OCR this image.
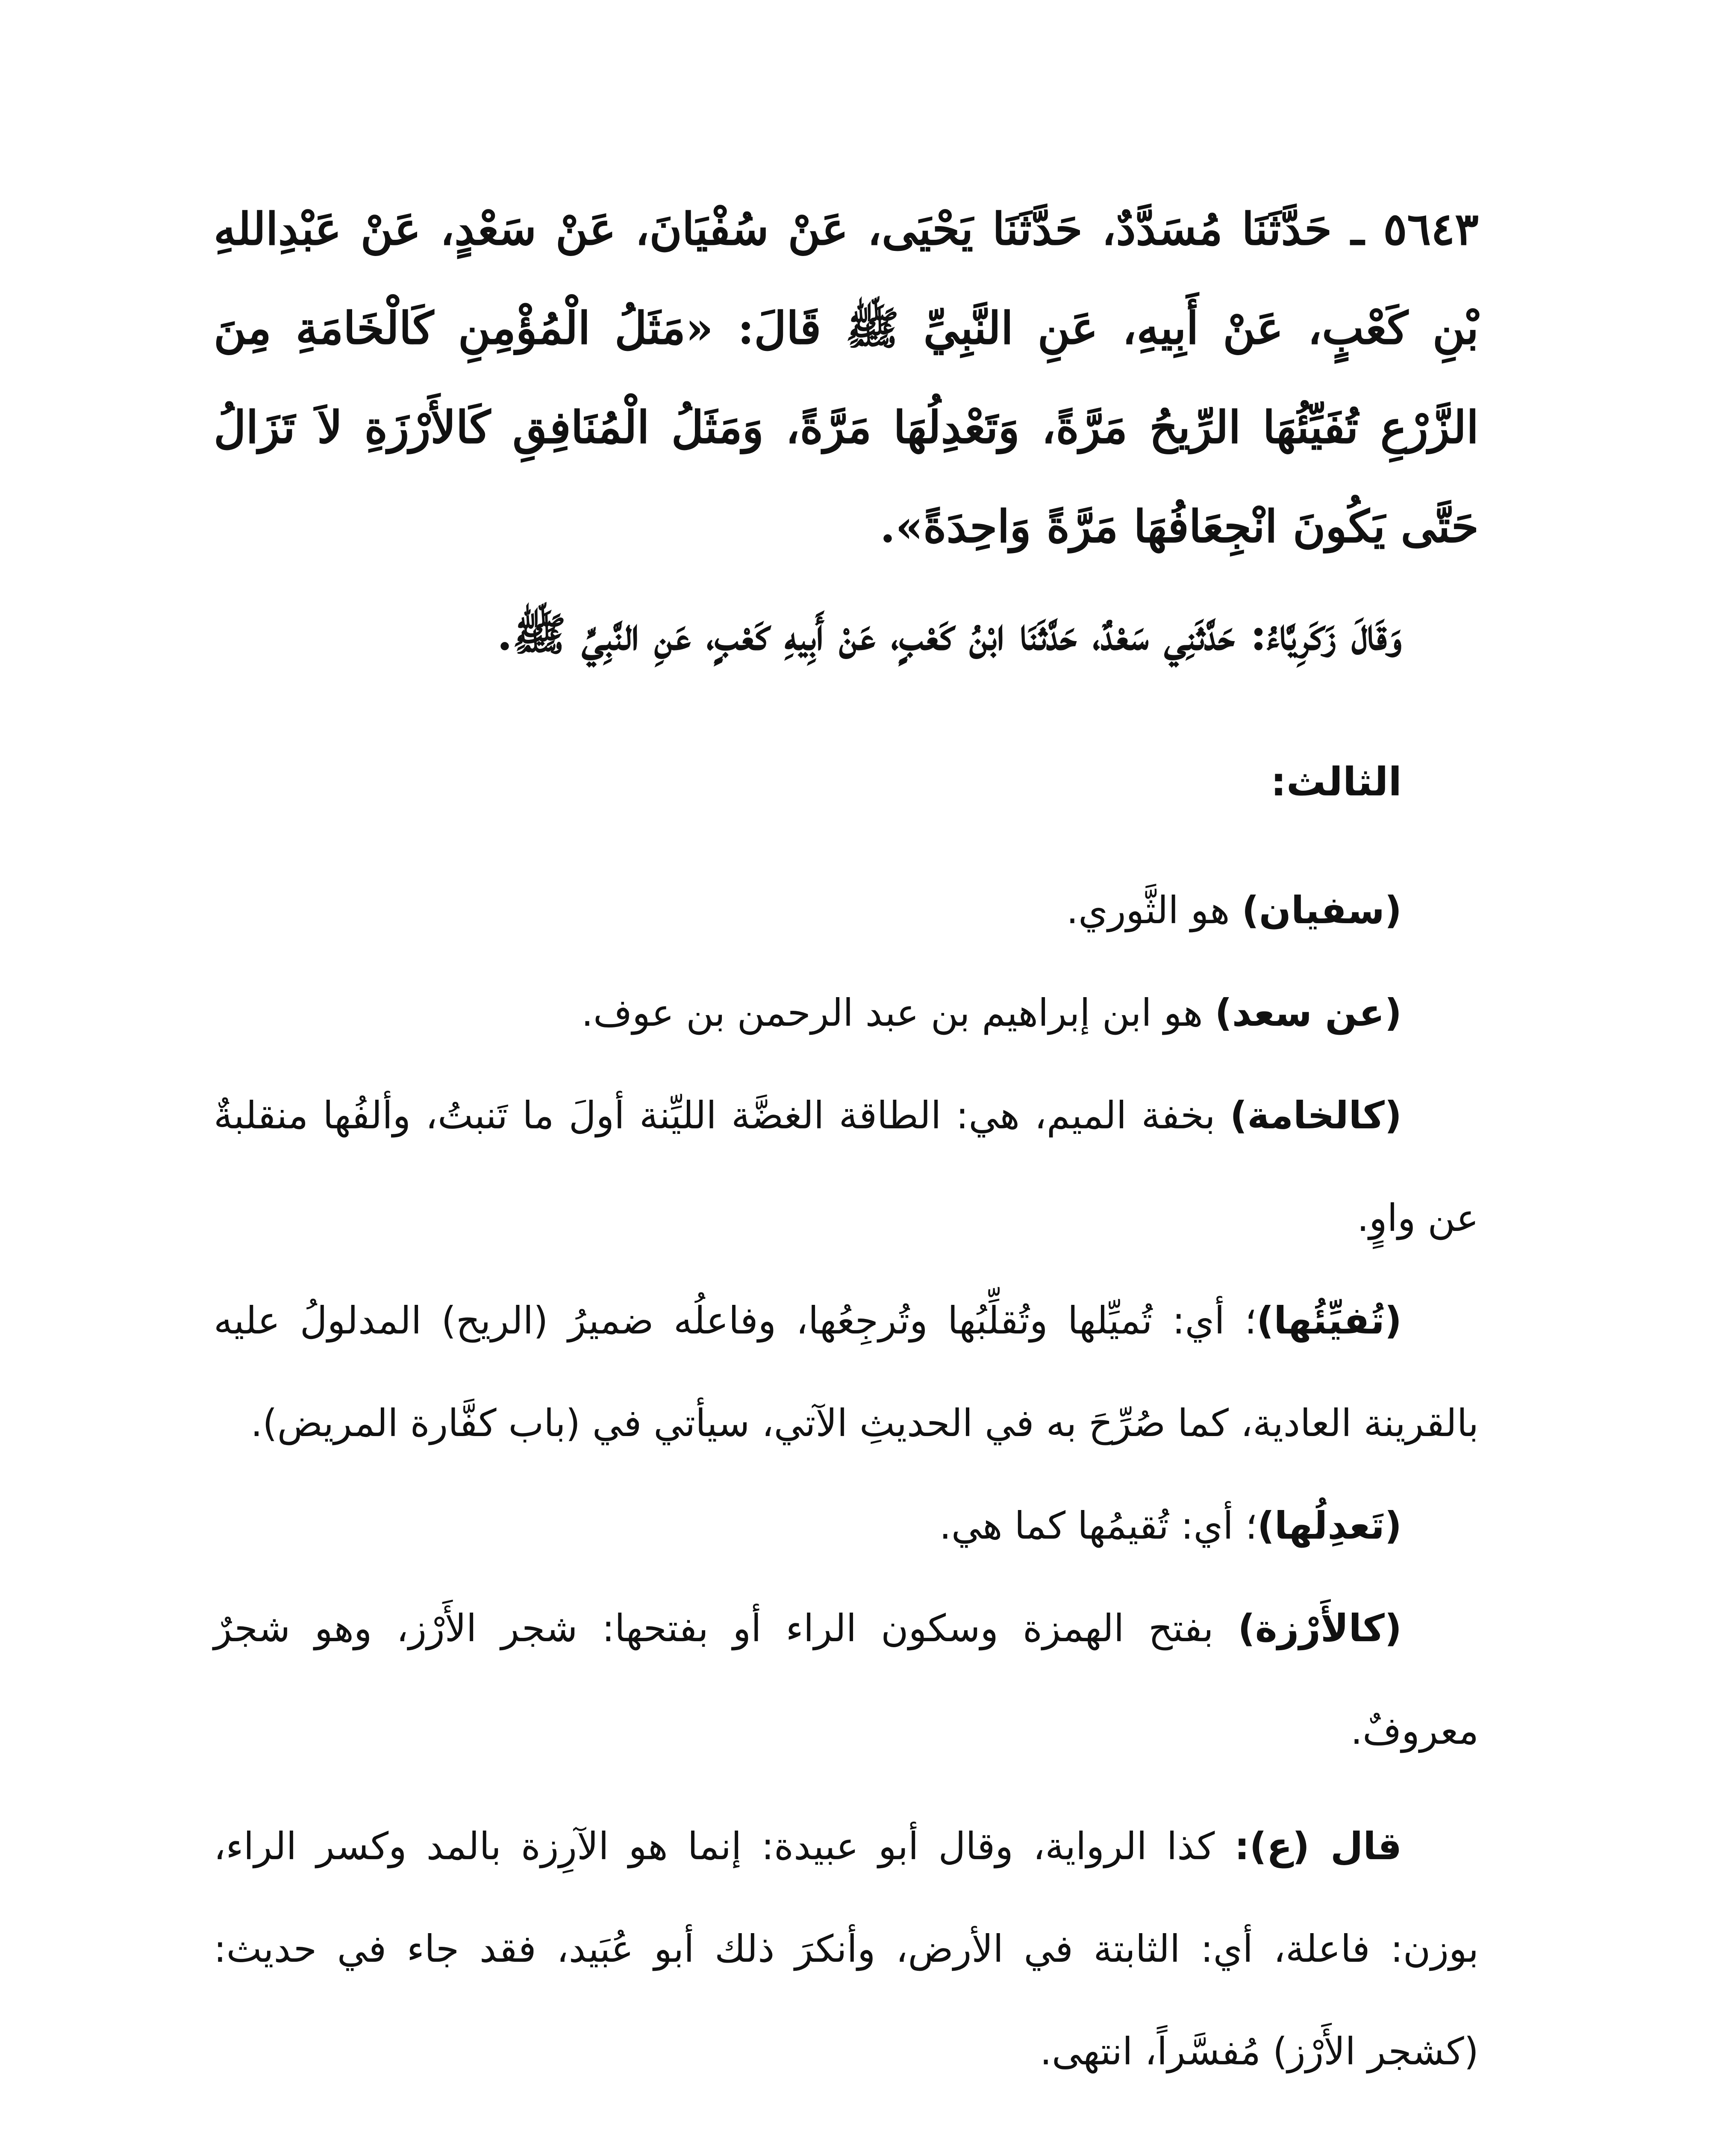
٥٦٤٣ ـ حَدَّثَنَا مُسَدَّدٌ، حَدَّثَنَا يَحْيَى، عَنْ سُفْيَانَ، عَنْ سَعْدٍ، عَنْ عَبْدِاللهِ بْنِ كَعْبٍ، عَنْ أَبِيهِ، عَنِ النَّبِيِّ ﷺ قَالَ: «مَثَلُ الْمُؤْمِنِ كَالْخَامَةِ مِنَ الزَّرْعِ تُفَيِّئُهَا الرِّيحُ مَرَّةً، وَتَعْدِلُهَا مَرَّةً، وَمَثَلُ الْمُنَافِقِ كَالأَرْزَةِ لاَ تَزَالُ حَتَّى يَكُونَ انْجِعَافُهَا مَرَّةً وَاحِدَةً».

وَقَالَ زَكَرِيَّاءُ: حَدَّثَنِي سَعْدٌ، حَدَّثَنَا ابْنُ كَعْبٍ، عَنْ أَبِيهِ كَعْبٍ، عَنِ النَّبِيِّ ﷺ.

الثالث:

(سفيان) هو الثَّوري.

(عن سعد) هو ابن إبراهيم بن عبد الرحمن بن عوف.

(كالخامة) بخفة الميم، هي: الطاقة الغضَّة الليِّنة أولَ ما تَنبتُ، وألفُها منقلبةٌ عن واوٍ.

(تُفيِّئُها)؛ أي: تُميِّلها وتُقلِّبُها وتُرجِعُها، وفاعلُه ضميرُ (الريح) المدلولُ عليه بالقرينة العادية، كما صُرِّحَ به في الحديثِ الآتي، سيأتي في (باب كفَّارة المريض).

(تَعدِلُها)؛ أي: تُقيمُها كما هي.

(كالأَرْزة) بفتح الهمزة وسكون الراء أو بفتحها: شجر الأَرْز، وهو شجرٌ معروفٌ.

قال (ع): كذا الرواية، وقال أبو عبيدة: إنما هو الآرِزة بالمد وكسر الراء، بوزن: فاعلة، أي: الثابتة في الأرض، وأنكرَ ذلك أبو عُبَيد، فقد جاء في حديث: (كشجر الأَرْز) مُفسَّراً، انتهى.
